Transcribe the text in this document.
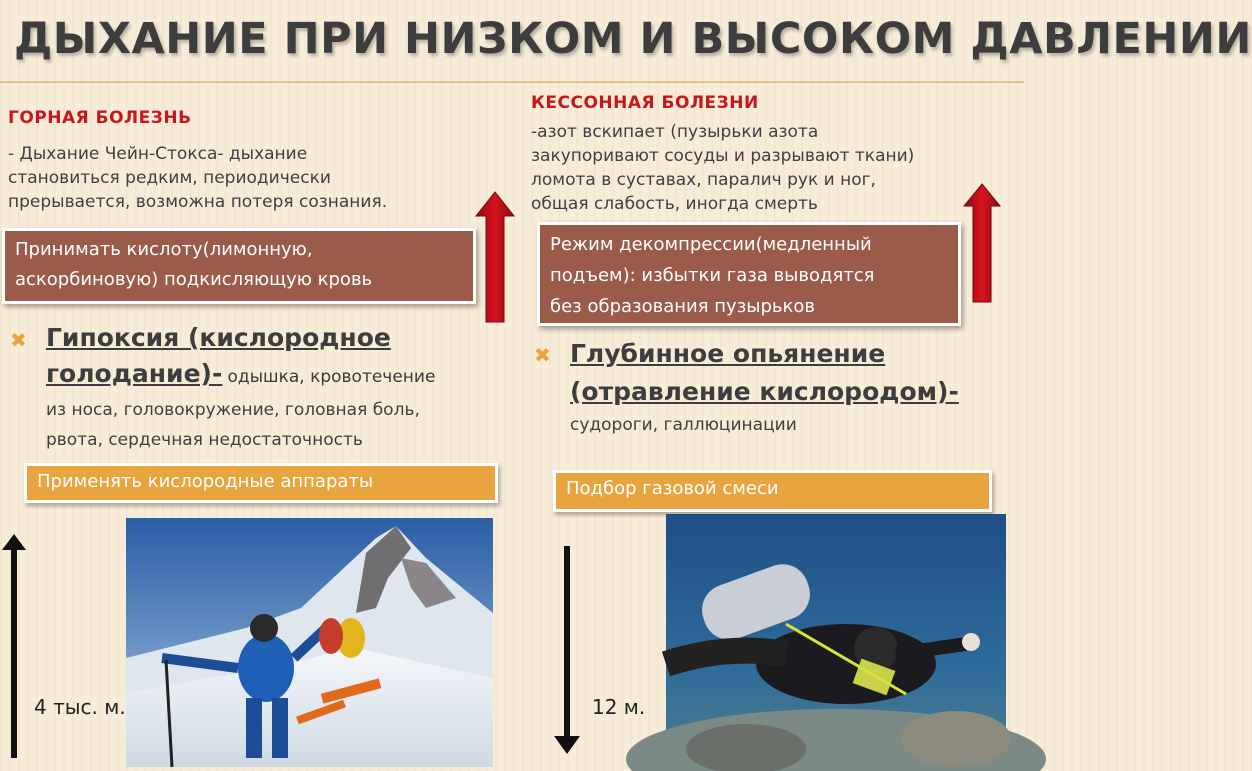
ДЫХАНИЕ ПРИ НИЗКОМ И ВЫСОКОМ ДАВЛЕНИИ
ГОРНАЯ БОЛЕЗНЬ
- Дыхание Чейн-Стокса- дыхание
становиться редким, периодически
прерывается, возможна потеря сознания.
Принимать кислоту(лимонную,
аскорбиновую) подкисляющую кровь
✖ Гипоксия (кислородное
голодание)- одышка, кровотечение
из носа, головокружение, головная боль,
рвота, сердечная недостаточность
Применять кислородные аппараты
4 тыс. м.
КЕССОННАЯ БОЛЕЗНИ
-азот вскипает (пузырьки азота
закупоривают сосуды и разрывают ткани)
ломота в суставах, паралич рук и ног,
общая слабость, иногда смерть
Режим декомпрессии(медленный
подъем): избытки газа выводятся
без образования пузырьков
✖ Глубинное опьянение
(отравление кислородом)-
судороги, галлюцинации
Подбор газовой смеси
12 м.
